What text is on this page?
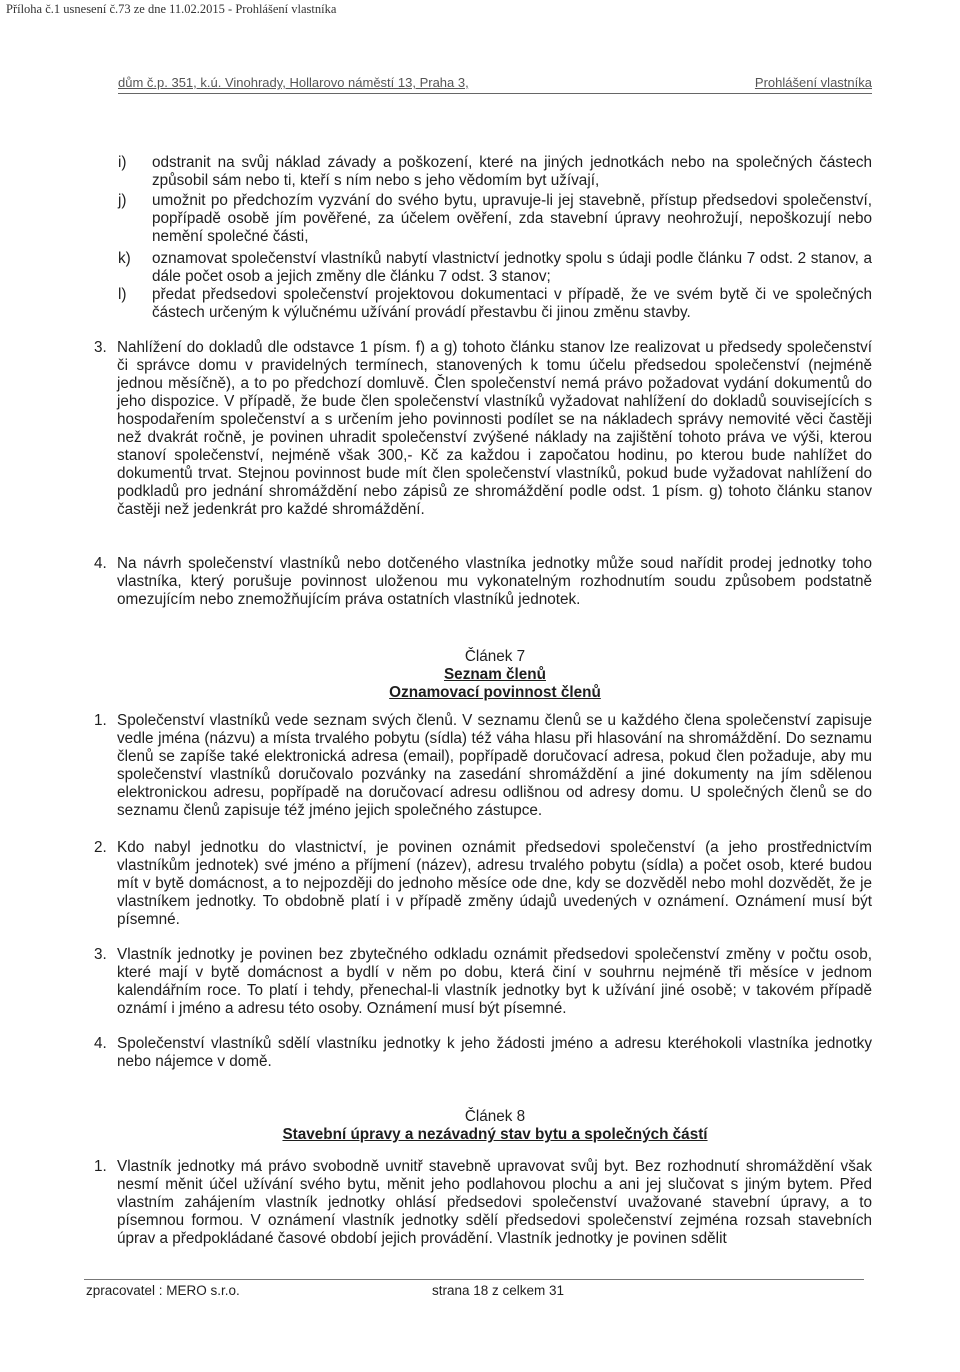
Příloha č.1 usnesení č.73 ze dne 11.02.2015 - Prohlášení vlastníka
dům č.p. 351, k.ú. Vinohrady, Hollarovo náměstí 13, Praha 3,	Prohlášení vlastníka
i) odstranit na svůj náklad závady a poškození, které na jiných jednotkách nebo na společných částech způsobil sám nebo ti, kteří s ním nebo s jeho vědomím byt užívají,
j) umožnit po předchozím vyzvání do svého bytu, upravuje-li jej stavebně, přístup předsedovi společenství, popřípadě osobě jím pověřené, za účelem ověření, zda stavební úpravy neohrožují, nepoškozují nebo nemění společné části,
k) oznamovat společenství vlastníků nabytí vlastnictví jednotky spolu s údaji podle článku 7 odst. 2 stanov, a dále počet osob a jejich změny dle článku 7 odst. 3 stanov;
l) předat předsedovi společenství projektovou dokumentaci v případě, že ve svém bytě či ve společných částech určeným k výlučnému užívání provádí přestavbu či jinou změnu stavby.
3. Nahlížení do dokladů dle odstavce 1 písm. f) a g) tohoto článku stanov lze realizovat u předsedy společenství či správce domu v pravidelných termínech, stanovených k tomu účelu předsedou společenství (nejméně jednou měsíčně), a to po předchozí domluvě. Člen společenství nemá právo požadovat vydání dokumentů do jeho dispozice. V případě, že bude člen společenství vlastníků vyžadovat nahlížení do dokladů souvisejících s hospodařením společenství a s určením jeho povinnosti podílet se na nákladech správy nemovité věci častěji než dvakrát ročně, je povinen uhradit společenství zvýšené náklady na zajištění tohoto práva ve výši, kterou stanoví společenství, nejméně však 300,- Kč za každou i započatou hodinu, po kterou bude nahlížet do dokumentů trvat. Stejnou povinnost bude mít člen společenství vlastníků, pokud bude vyžadovat nahlížení do podkladů pro jednání shromáždění nebo zápisů ze shromáždění podle odst. 1 písm. g) tohoto článku stanov častěji než jedenkrát pro každé shromáždění.
4. Na návrh společenství vlastníků nebo dotčeného vlastníka jednotky může soud nařídit prodej jednotky toho vlastníka, který porušuje povinnost uloženou mu vykonatelným rozhodnutím soudu způsobem podstatně omezujícím nebo znemožňujícím práva ostatních vlastníků jednotek.
Článek 7
Seznam členů
Oznamovací povinnost členů
1. Společenství vlastníků vede seznam svých členů. V seznamu členů se u každého člena společenství zapisuje vedle jména (názvu) a místa trvalého pobytu (sídla) též váha hlasu při hlasování na shromáždění. Do seznamu členů se zapíše také elektronická adresa (email), popřípadě doručovací adresa, pokud člen požaduje, aby mu společenství vlastníků doručovalo pozvánky na zasedání shromáždění a jiné dokumenty na jím sdělenou elektronickou adresu, popřípadě na doručovací adresu odlišnou od adresy domu. U společných členů se do seznamu členů zapisuje též jméno jejich společného zástupce.
2. Kdo nabyl jednotku do vlastnictví, je povinen oznámit předsedovi společenství (a jeho prostřednictvím vlastníkům jednotek) své jméno a příjmení (název), adresu trvalého pobytu (sídla) a počet osob, které budou mít v bytě domácnost, a to nejpozději do jednoho měsíce ode dne, kdy se dozvěděl nebo mohl dozvědět, že je vlastníkem jednotky. To obdobně platí i v případě změny údajů uvedených v oznámení. Oznámení musí být písemné.
3. Vlastník jednotky je povinen bez zbytečného odkladu oznámit předsedovi společenství změny v počtu osob, které mají v bytě domácnost a bydlí v něm po dobu, která činí v souhrnu nejméně tři měsíce v jednom kalendářním roce. To platí i tehdy, přenechal-li vlastník jednotky byt k užívání jiné osobě; v takovém případě oznámí i jméno a adresu této osoby. Oznámení musí být písemné.
4. Společenství vlastníků sdělí vlastníku jednotky k jeho žádosti jméno a adresu kteréhokoli vlastníka jednotky nebo nájemce v domě.
Článek 8
Stavební úpravy a nezávadný stav bytu a společných částí
1. Vlastník jednotky má právo svobodně uvnitř stavebně upravovat svůj byt. Bez rozhodnutí shromáždění však nesmí měnit účel užívání svého bytu, měnit jeho podlahovou plochu a ani jej slučovat s jiným bytem. Před vlastním zahájením vlastník jednotky ohlásí předsedovi společenství uvažované stavební úpravy, a to písemnou formou. V oznámení vlastník jednotky sdělí předsedovi společenství zejména rozsah stavebních úprav a předpokládané časové období jejich provádění. Vlastník jednotky je povinen sdělit
zpracovatel : MERO s.r.o.	strana 18 z celkem 31
